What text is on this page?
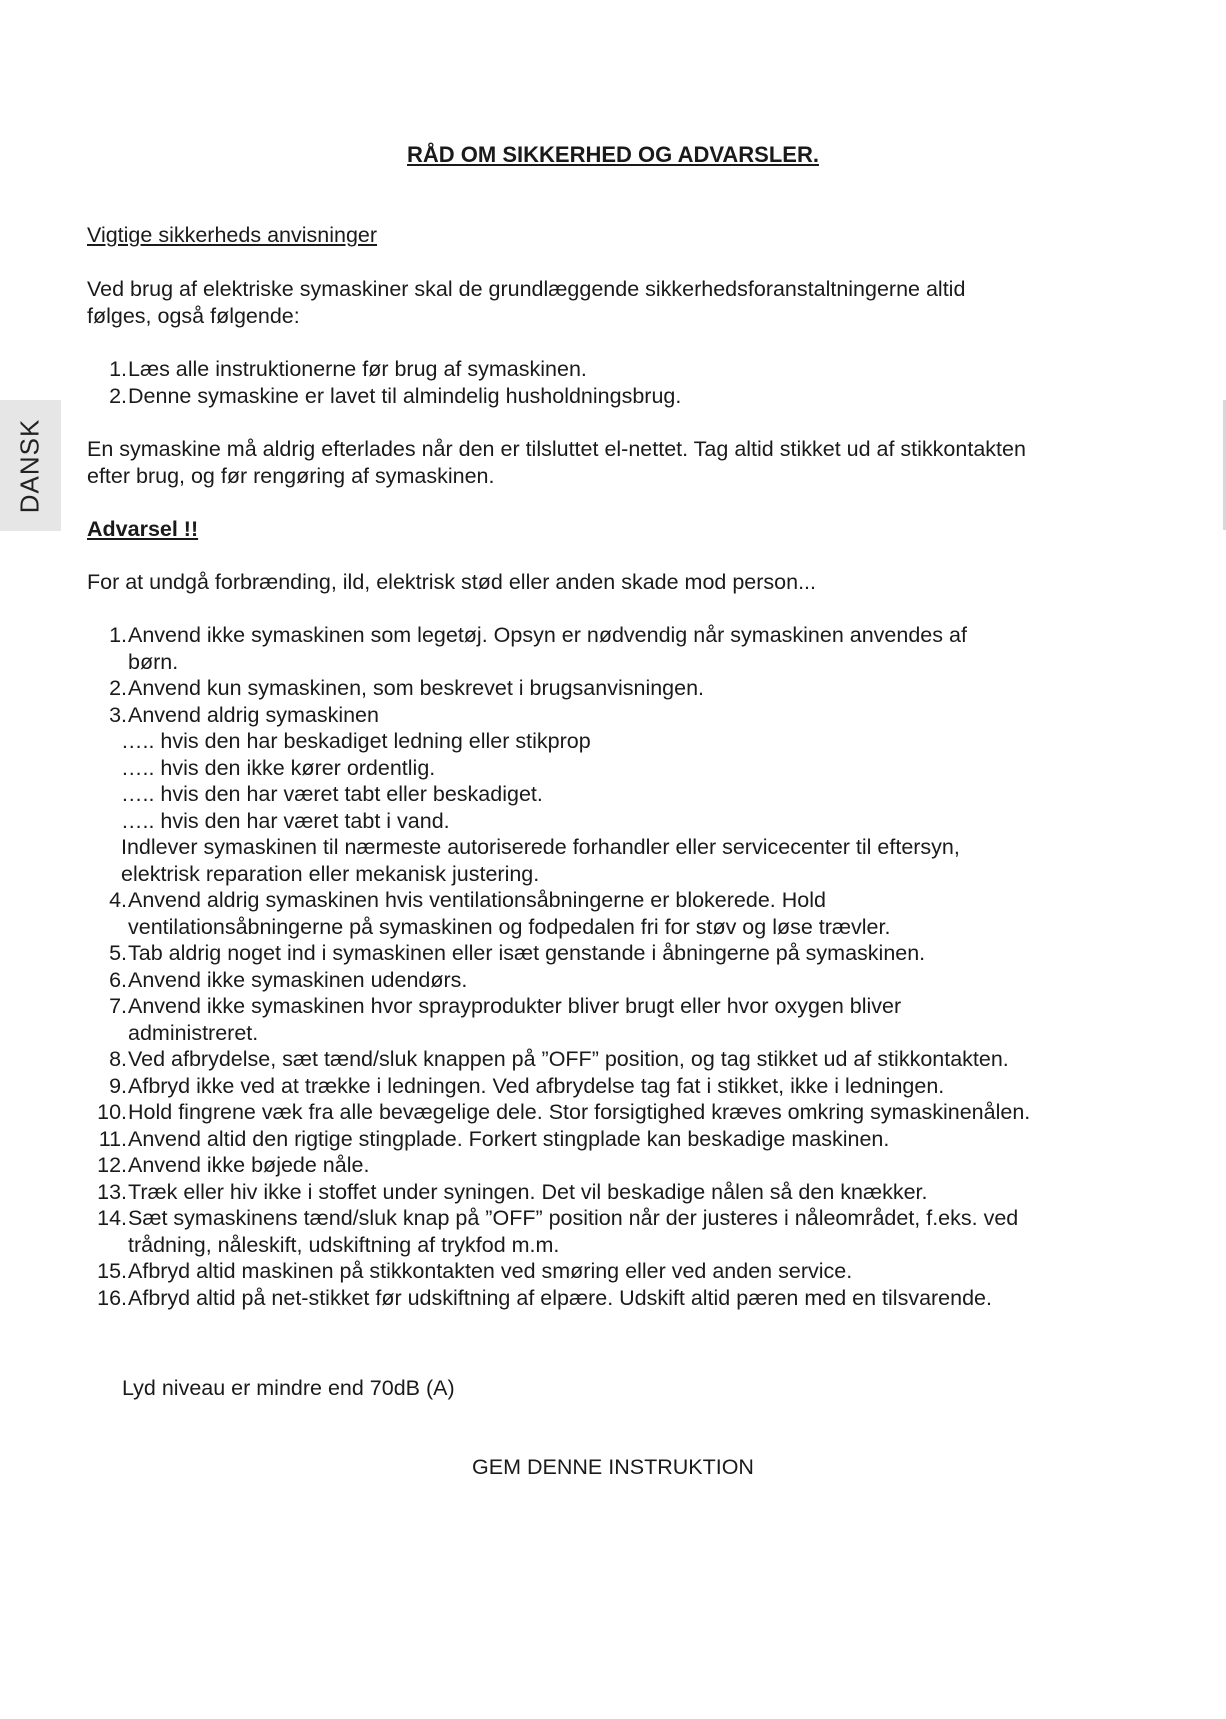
DANSK
RÅD OM SIKKERHED OG ADVARSLER.
Vigtige sikkerheds anvisninger
Ved brug af elektriske symaskiner skal de grundlæggende sikkerhedsforanstaltningerne altid
følges, også følgende:
1. Læs alle instruktionerne før brug af symaskinen.
2. Denne symaskine er lavet til almindelig husholdningsbrug.
En symaskine må aldrig efterlades når den er tilsluttet el-nettet. Tag altid stikket ud af stikkontakten
efter brug, og før rengøring af symaskinen.
Advarsel !!
For at undgå forbrænding, ild, elektrisk stød eller anden skade mod person...
1. Anvend ikke symaskinen som legetøj. Opsyn er nødvendig når symaskinen anvendes af
børn.
2. Anvend kun symaskinen, som beskrevet i brugsanvisningen.
3. Anvend aldrig symaskinen
….. hvis den har beskadiget ledning eller stikprop
….. hvis den ikke kører ordentlig.
….. hvis den har været tabt eller beskadiget.
….. hvis den har været tabt i vand.
Indlever symaskinen til nærmeste autoriserede forhandler eller servicecenter til eftersyn,
elektrisk reparation eller mekanisk justering.
4. Anvend aldrig symaskinen hvis ventilationsåbningerne er blokerede. Hold
ventilationsåbningerne på symaskinen og fodpedalen fri for støv og løse trævler.
5. Tab aldrig noget ind i symaskinen eller isæt genstande i åbningerne på symaskinen.
6. Anvend ikke symaskinen udendørs.
7. Anvend ikke symaskinen hvor sprayprodukter bliver brugt eller hvor oxygen bliver
administreret.
8. Ved afbrydelse, sæt tænd/sluk knappen på ”OFF” position, og tag stikket ud af stikkontakten.
9. Afbryd ikke ved at trække i ledningen. Ved afbrydelse tag fat i stikket, ikke i ledningen.
10. Hold fingrene væk fra alle bevægelige dele. Stor forsigtighed kræves omkring symaskinenålen.
11. Anvend altid den rigtige stingplade. Forkert stingplade kan beskadige maskinen.
12. Anvend ikke bøjede nåle.
13. Træk eller hiv ikke i stoffet under syningen. Det vil beskadige nålen så den knækker.
14. Sæt symaskinens tænd/sluk knap på ”OFF” position når der justeres i nåleområdet, f.eks. ved
trådning, nåleskift, udskiftning af trykfod m.m.
15. Afbryd altid maskinen på stikkontakten ved smøring eller ved anden service.
16. Afbryd altid på net-stikket før udskiftning af elpære. Udskift altid pæren med en tilsvarende.
Lyd niveau er mindre end 70dB (A)
GEM DENNE INSTRUKTION
